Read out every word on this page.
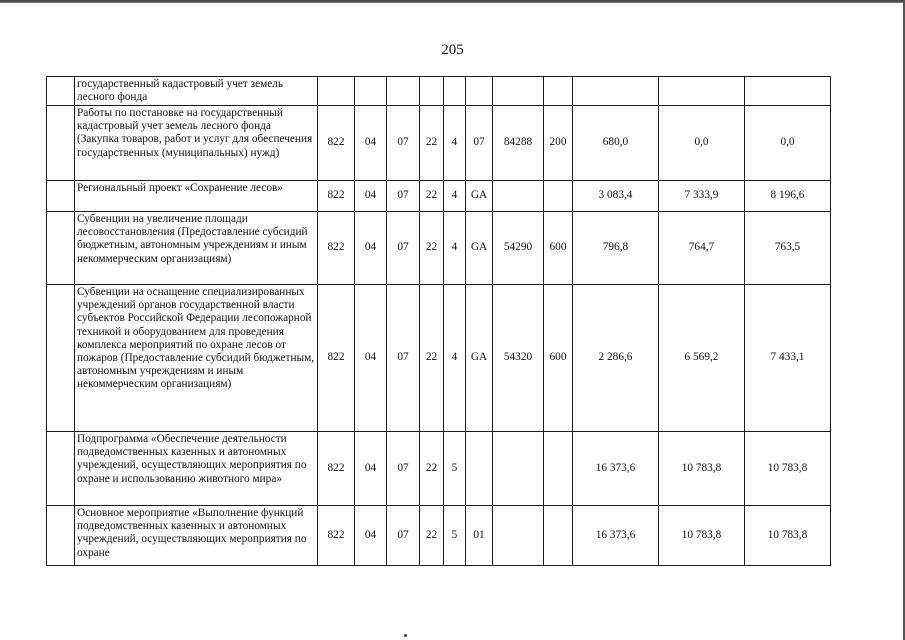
205
	государственный кадастровый учет земель лесного фонда											
	Работы по постановке на государственный кадастровый учет земель лесного фонда (Закупка товаров, работ и услуг для обеспечения государственных (муниципальных) нужд)	822	04	07	22	4	07	84288	200	680,0	0,0	0,0
	Региональный проект «Сохранение лесов»	822	04	07	22	4	GA			3 083,4	7 333,9	8 196,6
	Субвенции на увеличение площади лесовосстановления (Предоставление субсидий бюджетным, автономным учреждениям и иным некоммерческим организациям)	822	04	07	22	4	GA	54290	600	796,8	764,7	763,5
	Субвенции на оснащение специализированных учреждений органов государственной власти субъектов Российской Федерации лесопожарной техникой и оборудованием для проведения комплекса мероприятий по охране лесов от пожаров (Предоставление субсидий бюджетным, автономным учреждениям и иным некоммерческим организациям)	822	04	07	22	4	GA	54320	600	2 286,6	6 569,2	7 433,1
	Подпрограмма «Обеспечение деятельности подведомственных казенных и автономных учреждений, осуществляющих мероприятия по охране и использованию животного мира»	822	04	07	22	5				16 373,6	10 783,8	10 783,8
	Основное мероприятие «Выполнение функций подведомственных казенных и автономных учреждений, осуществляющих мероприятия по охране	822	04	07	22	5	01			16 373,6	10 783,8	10 783,8
